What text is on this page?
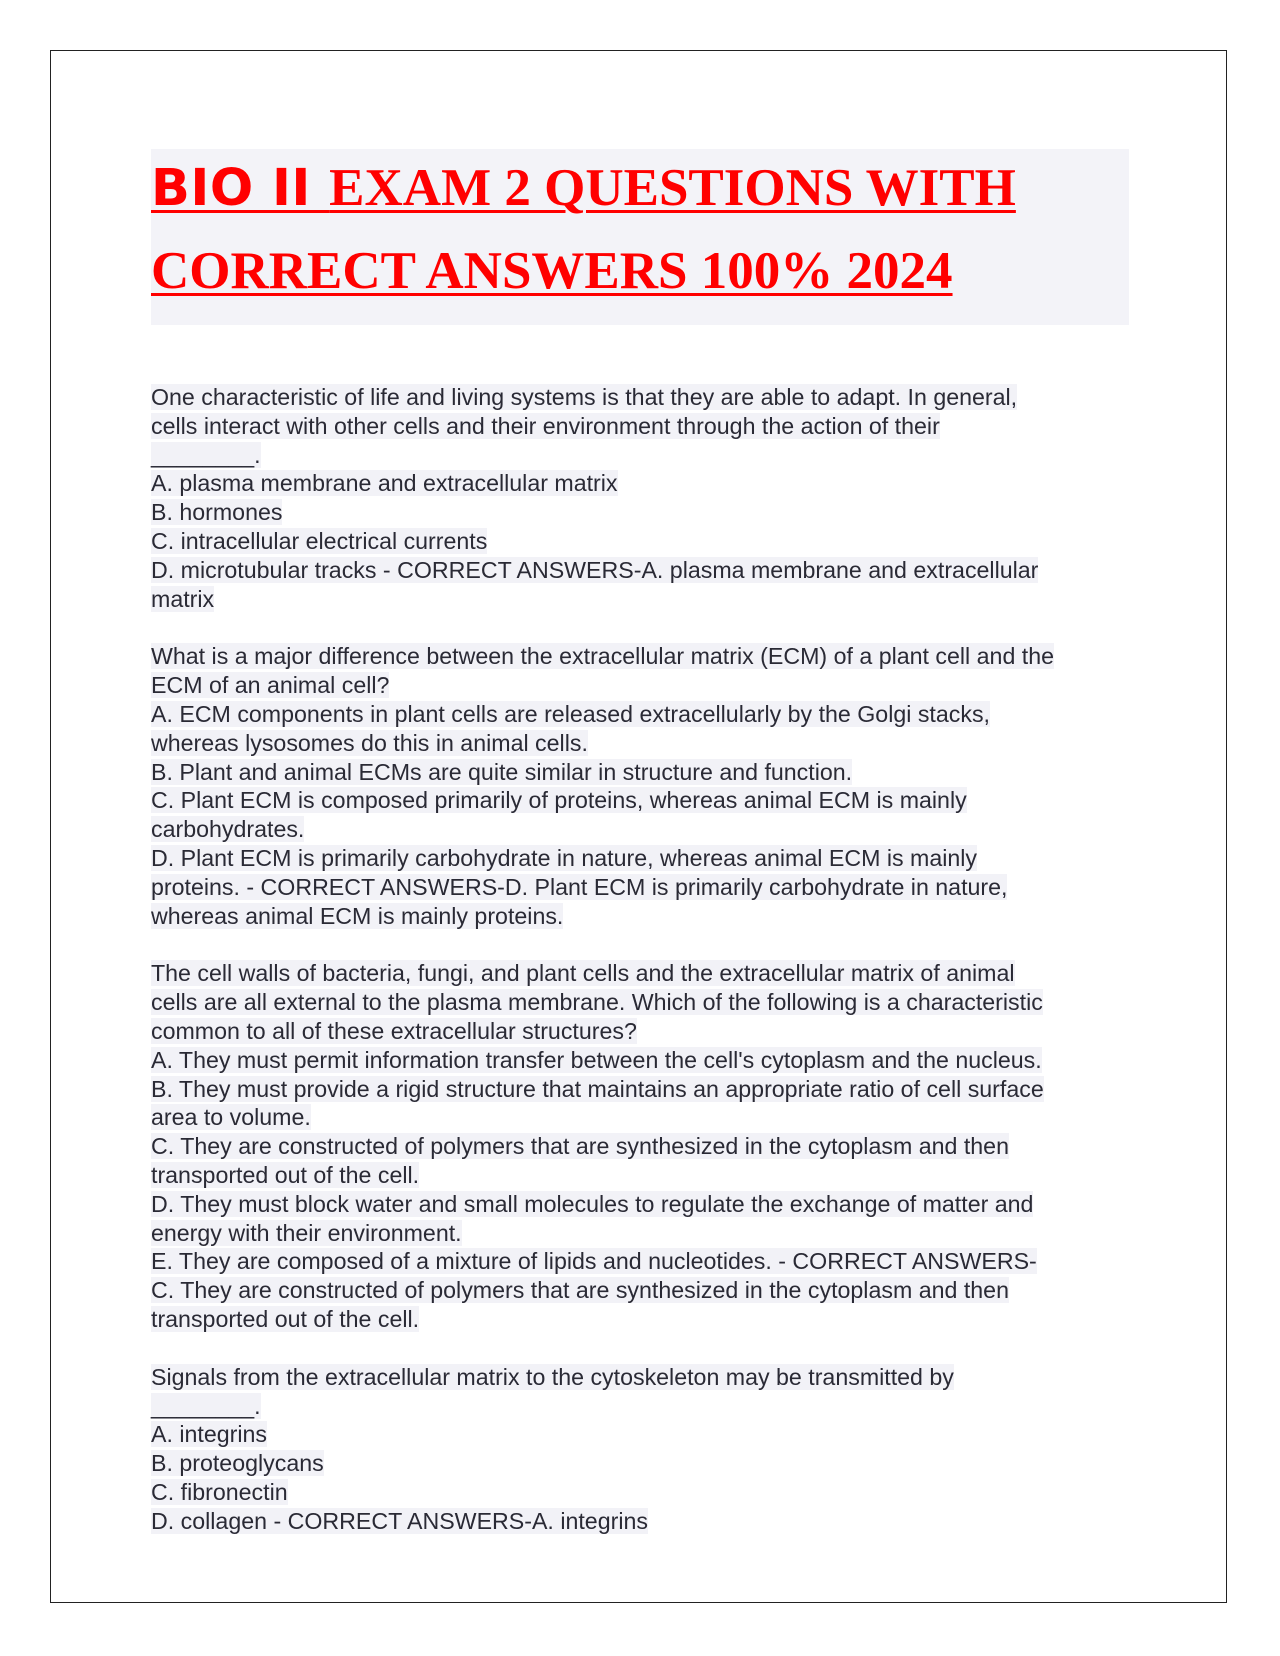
BIO II EXAM 2 QUESTIONS WITH
CORRECT ANSWERS 100% 2024
One characteristic of life and living systems is that they are able to adapt. In general,
cells interact with other cells and their environment through the action of their
________.
A. plasma membrane and extracellular matrix
B. hormones
C. intracellular electrical currents
D. microtubular tracks - CORRECT ANSWERS-A. plasma membrane and extracellular
matrix
What is a major difference between the extracellular matrix (ECM) of a plant cell and the
ECM of an animal cell?
A. ECM components in plant cells are released extracellularly by the Golgi stacks,
whereas lysosomes do this in animal cells.
B. Plant and animal ECMs are quite similar in structure and function.
C. Plant ECM is composed primarily of proteins, whereas animal ECM is mainly
carbohydrates.
D. Plant ECM is primarily carbohydrate in nature, whereas animal ECM is mainly
proteins. - CORRECT ANSWERS-D. Plant ECM is primarily carbohydrate in nature,
whereas animal ECM is mainly proteins.
The cell walls of bacteria, fungi, and plant cells and the extracellular matrix of animal
cells are all external to the plasma membrane. Which of the following is a characteristic
common to all of these extracellular structures?
A. They must permit information transfer between the cell's cytoplasm and the nucleus.
B. They must provide a rigid structure that maintains an appropriate ratio of cell surface
area to volume.
C. They are constructed of polymers that are synthesized in the cytoplasm and then
transported out of the cell.
D. They must block water and small molecules to regulate the exchange of matter and
energy with their environment.
E. They are composed of a mixture of lipids and nucleotides. - CORRECT ANSWERS-
C. They are constructed of polymers that are synthesized in the cytoplasm and then
transported out of the cell.
Signals from the extracellular matrix to the cytoskeleton may be transmitted by
________.
A. integrins
B. proteoglycans
C. fibronectin
D. collagen - CORRECT ANSWERS-A. integrins
